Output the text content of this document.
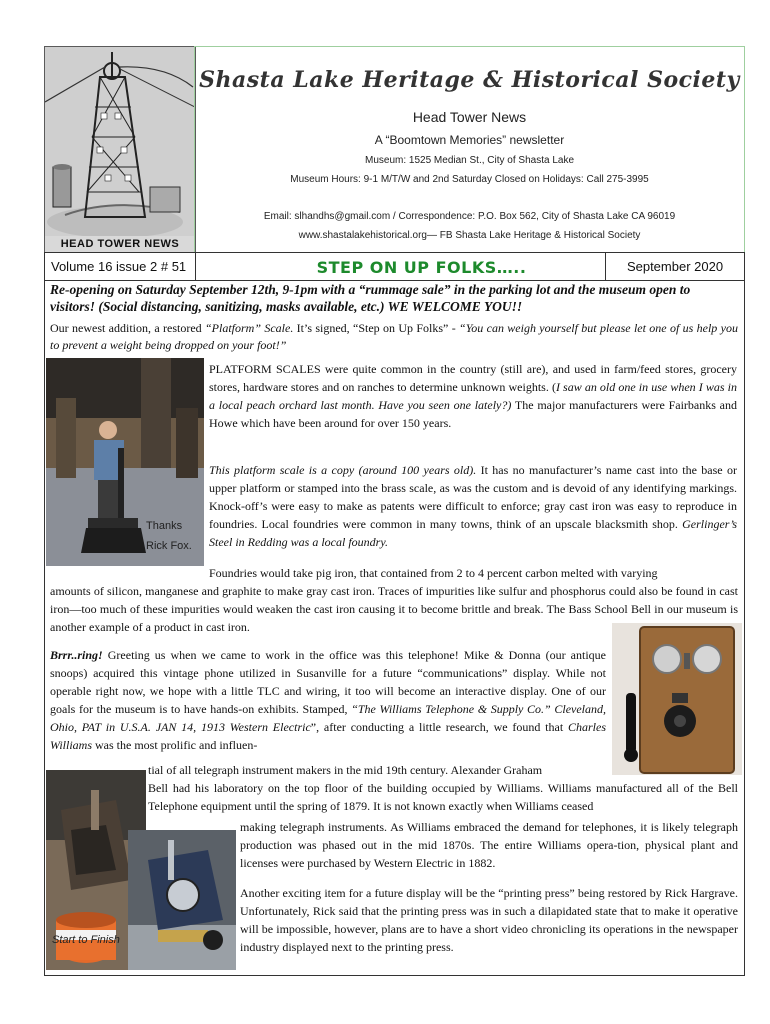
HEAD TOWER NEWS
Shasta Lake Heritage & Historical Society
Head Tower News
A “Boomtown Memories” newsletter
Museum: 1525 Median St., City of Shasta Lake
Museum Hours: 9-1 M/T/W and 2nd Saturday Closed on Holidays: Call 275-3995
Email: slhandhs@gmail.com / Correspondence: P.O. Box 562, City of Shasta Lake CA 96019
www.shastalakehistorical.org— FB Shasta Lake Heritage & Historical Society
Volume 16 issue 2 # 51	STEP ON UP FOLKS…..	September 2020
Re-opening on Saturday September 12th, 9-1pm with a “rummage sale” in the parking lot and the museum open to visitors! (Social distancing, sanitizing, masks available, etc.) WE WELCOME YOU!!
Our newest addition, a restored “Platform” Scale. It’s signed, “Step on Up Folks” - “You can weigh yourself but please let one of us help you to prevent a weight being dropped on your foot!”
Thanks
Rick Fox.
PLATFORM SCALES were quite common in the country (still are), and used in farm/feed stores, grocery stores, hardware stores and on ranches to determine unknown weights. (I saw an old one in use when I was in a local peach orchard last month. Have you seen one lately?) The major manufacturers were Fairbanks and Howe which have been around for over 150 years.
This platform scale is a copy (around 100 years old). It has no manufacturer’s name cast into the base or upper platform or stamped into the brass scale, as was the custom and is devoid of any identifying markings. Knock-off’s were easy to make as patents were difficult to enforce; gray cast iron was easy to reproduce in foundries. Local foundries were common in many towns, think of an upscale blacksmith shop. Gerlinger’s Steel in Redding was a local foundry.
Foundries would take pig iron, that contained from 2 to 4 percent carbon melted with varying
amounts of silicon, manganese and graphite to make gray cast iron. Traces of impurities like sulfur and phosphorus could also be found in cast iron—too much of these impurities would weaken the cast iron causing it to become brittle and break. The Bass School Bell in our museum is another example of a product in cast iron.
Brrr..ring! Greeting us when we came to work in the office was this telephone! Mike & Donna (our antique snoops) acquired this vintage phone utilized in Susanville for a future “communications” display. While not operable right now, we hope with a little TLC and wiring, it too will become an interactive display. One of our goals for the museum is to have hands-on exhibits. Stamped, “The Williams Telephone & Supply Co.” Cleveland, Ohio, PAT in U.S.A. JAN 14, 1913 Western Electric”, after conducting a little research, we found that Charles Williams was the most prolific and influen-
tial of all telegraph instrument makers in the mid 19th century. Alexander Graham
Bell had his laboratory on the top floor of the building occupied by Williams. Williams manufactured all of the Bell Telephone equipment until the spring of 1879. It is not known exactly when Williams ceased
making telegraph instruments. As Williams embraced the demand for telephones, it is likely telegraph production was phased out in the mid 1870s. The entire Williams opera-tion, physical plant and licenses were purchased by Western Electric in 1882.
Start to Finish
Another exciting item for a future display will be the “printing press” being restored by Rick Hargrave. Unfortunately, Rick said that the printing press was in such a dilapidated state that to make it operative will be impossible, however, plans are to have a short video chronicling its operations in the newspaper industry displayed next to the printing press.
